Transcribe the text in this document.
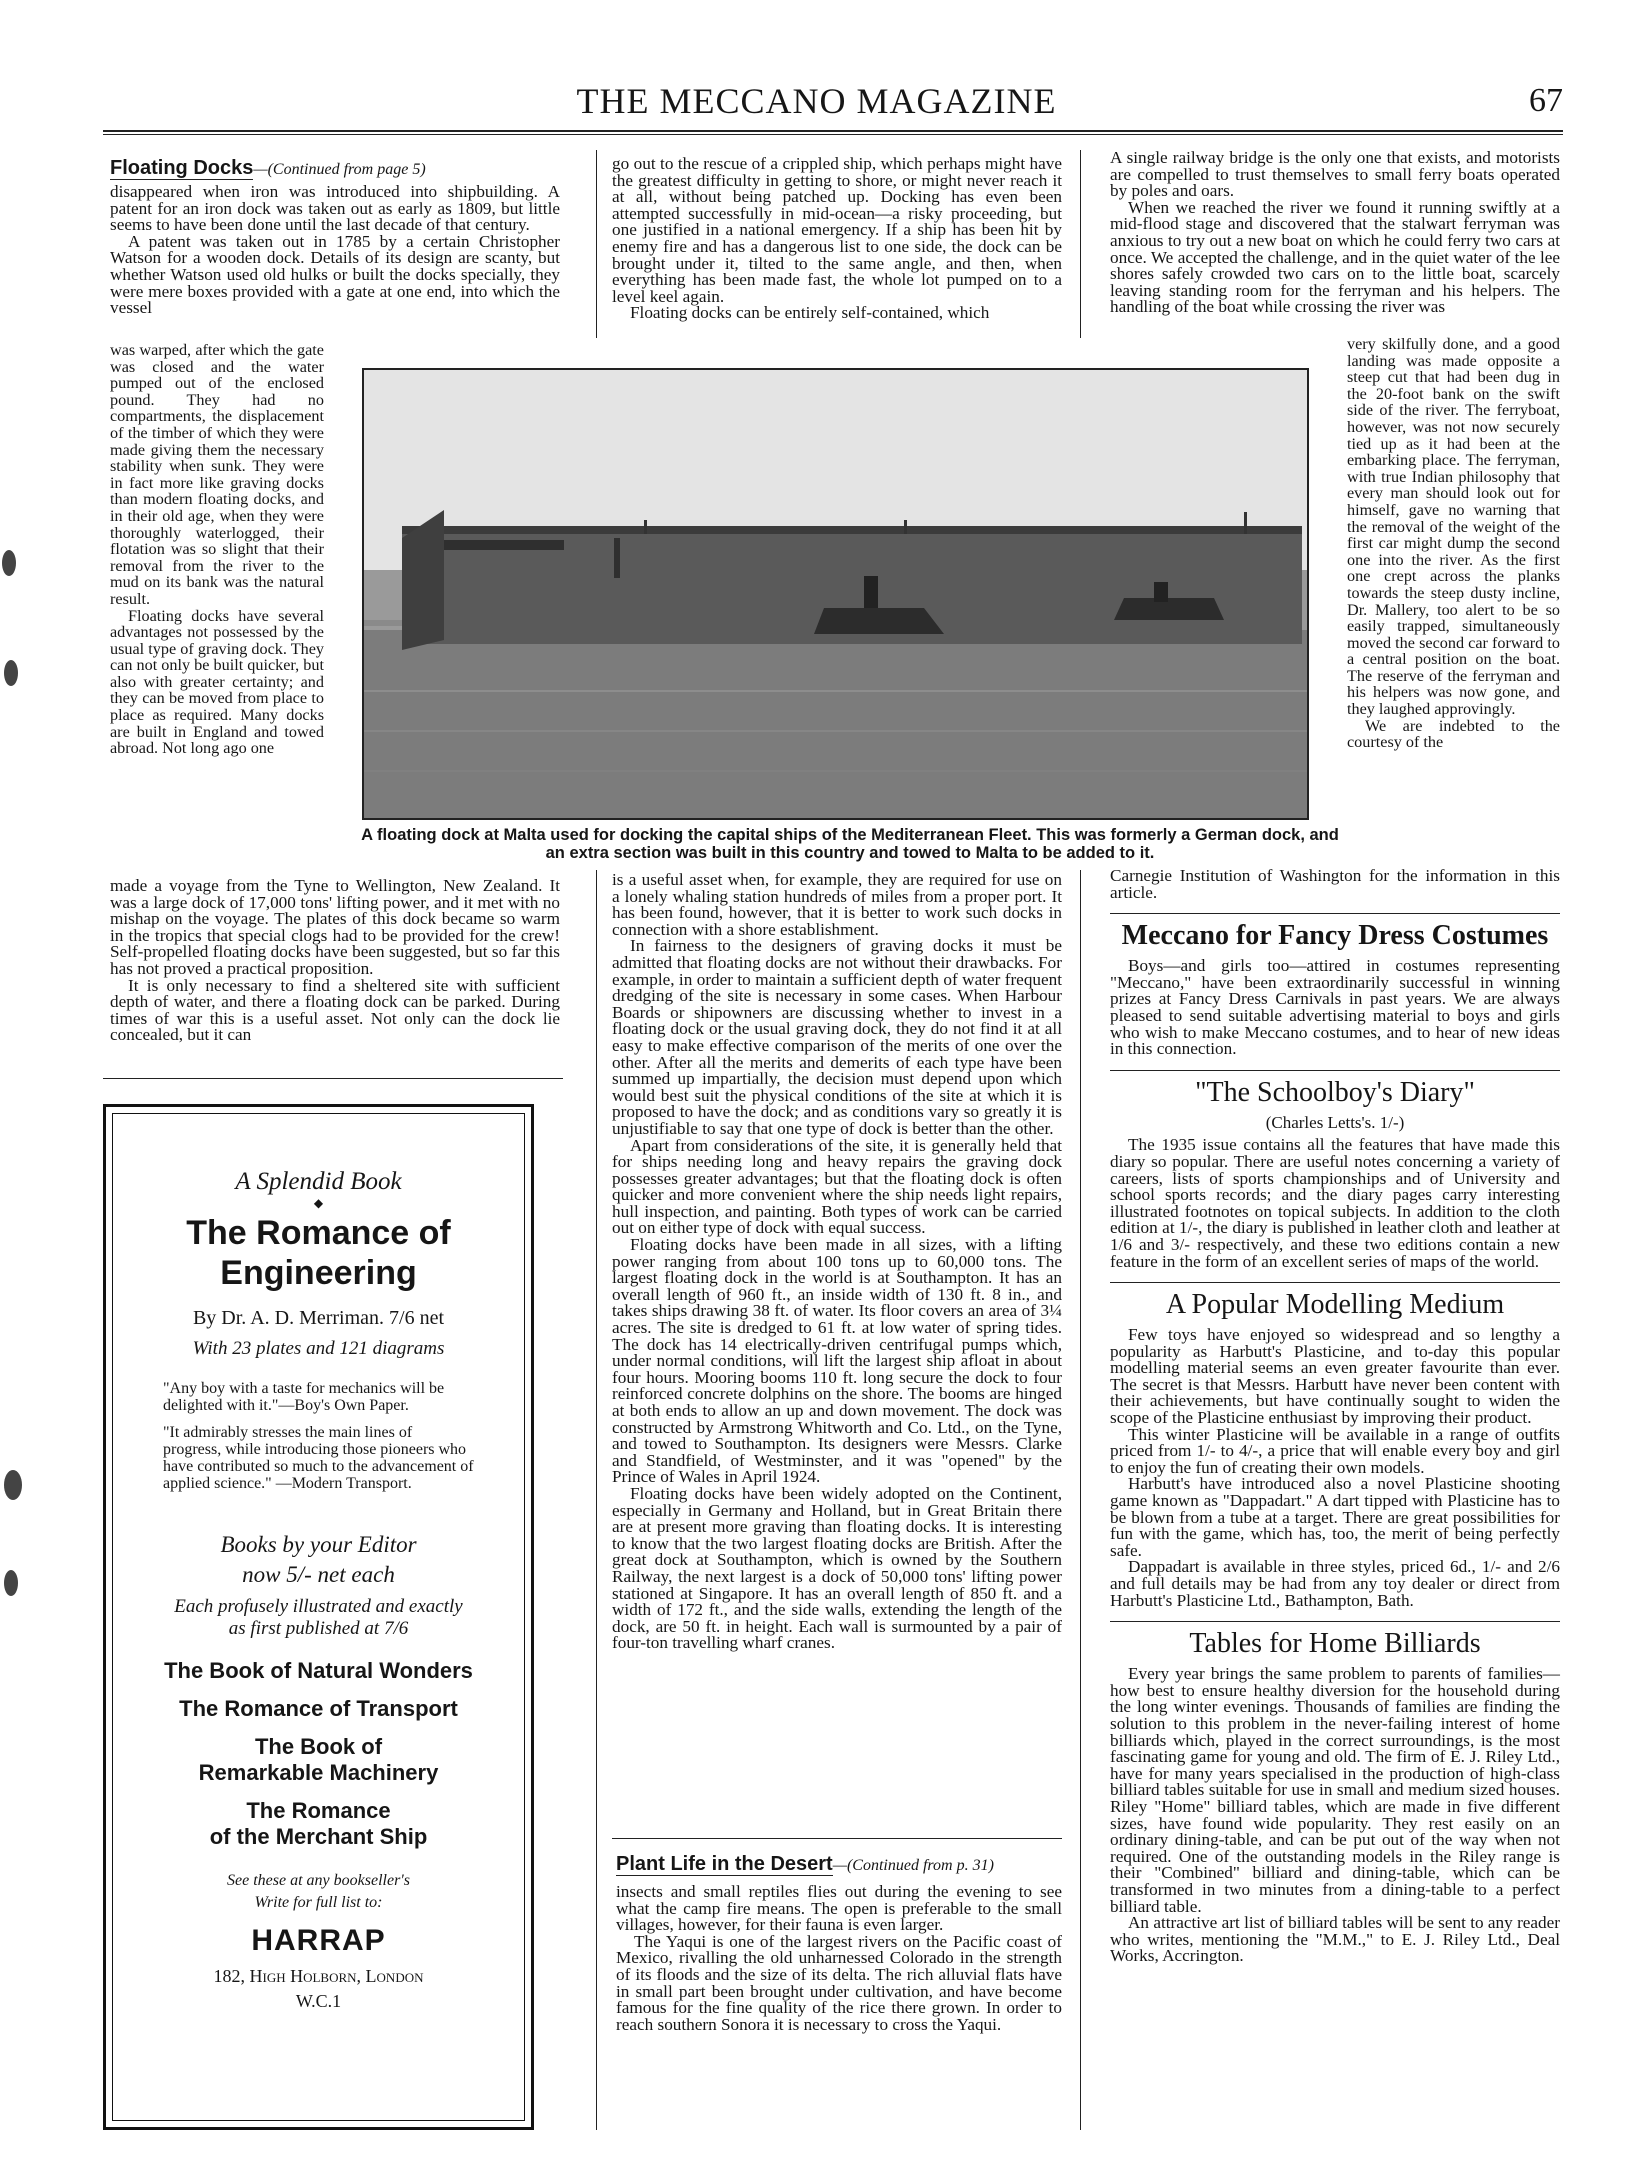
THE MECCANO MAGAZINE	67
Floating Docks—(Continued from page 5)

disappeared when iron was introduced into shipbuilding. A patent for an iron dock was taken out as early as 1809, but little seems to have been done until the last decade of that century.

A patent was taken out in 1785 by a certain Christopher Watson for a wooden dock. Details of its design are scanty, but whether Watson used old hulks or built the docks specially, they were mere boxes provided with a gate at one end, into which the vessel

was warped, after which the gate was closed and the water pumped out of the enclosed pound. They had no compartments, the displacement of the timber of which they were made giving them the necessary stability when sunk. They were in fact more like graving docks than modern floating docks, and in their old age, when they were thoroughly waterlogged, their flotation was so slight that their removal from the river to the mud on its bank was the natural result.

Floating docks have several advantages not possessed by the usual type of graving dock. They can not only be built quicker, but also with greater certainty; and they can be moved from place to place as required. Many docks are built in England and towed abroad. Not long ago one

made a voyage from the Tyne to Wellington, New Zealand. It was a large dock of 17,000 tons' lifting power, and it met with no mishap on the voyage. The plates of this dock became so warm in the tropics that special clogs had to be provided for the crew! Self-propelled floating docks have been suggested, but so far this has not proved a practical proposition.

It is only necessary to find a sheltered site with sufficient depth of water, and there a floating dock can be parked. During times of war this is a useful asset. Not only can the dock lie concealed, but it can

go out to the rescue of a crippled ship, which perhaps might have the greatest difficulty in getting to shore, or might never reach it at all, without being patched up. Docking has even been attempted successfully in mid-ocean—a risky proceeding, but one justified in a national emergency. If a ship has been hit by enemy fire and has a dangerous list to one side, the dock can be brought under it, tilted to the same angle, and then, when everything has been made fast, the whole lot pumped on to a level keel again.

Floating docks can be entirely self-contained, which

A single railway bridge is the only one that exists, and motorists are compelled to trust themselves to small ferry boats operated by poles and oars.

When we reached the river we found it running swiftly at a mid-flood stage and discovered that the stalwart ferryman was anxious to try out a new boat on which he could ferry two cars at once. We accepted the challenge, and in the quiet water of the lee shores safely crowded two cars on to the little boat, scarcely leaving standing room for the ferryman and his helpers. The handling of the boat while crossing the river was

very skilfully done, and a good landing was made opposite a steep cut that had been dug in the 20-foot bank on the swift side of the river. The ferryboat, however, was not now securely tied up as it had been at the embarking place. The ferryman, with true Indian philosophy that every man should look out for himself, gave no warning that the removal of the weight of the first car might dump the second one into the river. As the first one crept across the planks towards the steep dusty incline, Dr. Mallery, too alert to be so easily trapped, simultaneously moved the second car forward to a central position on the boat. The reserve of the ferryman and his helpers was now gone, and they laughed approvingly.

We are indebted to the courtesy of the

A floating dock at Malta used for docking the capital ships of the Mediterranean Fleet. This was formerly a German dock, and an extra section was built in this country and towed to Malta to be added to it.

is a useful asset when, for example, they are required for use on a lonely whaling station hundreds of miles from a proper port. It has been found, however, that it is better to work such docks in connection with a shore establishment.

In fairness to the designers of graving docks it must be admitted that floating docks are not without their drawbacks. For example, in order to maintain a sufficient depth of water frequent dredging of the site is necessary in some cases. When Harbour Boards or shipowners are discussing whether to invest in a floating dock or the usual graving dock, they do not find it at all easy to make effective comparison of the merits of one over the other. After all the merits and demerits of each type have been summed up impartially, the decision must depend upon which would best suit the physical conditions of the site at which it is proposed to have the dock; and as conditions vary so greatly it is unjustifiable to say that one type of dock is better than the other.

Apart from considerations of the site, it is generally held that for ships needing long and heavy repairs the graving dock possesses greater advantages; but that the floating dock is often quicker and more convenient where the ship needs light repairs, hull inspection, and painting. Both types of work can be carried out on either type of dock with equal success.

Floating docks have been made in all sizes, with a lifting power ranging from about 100 tons up to 60,000 tons. The largest floating dock in the world is at Southampton. It has an overall length of 960 ft., an inside width of 130 ft. 8 in., and takes ships drawing 38 ft. of water. Its floor covers an area of 3¼ acres. The site is dredged to 61 ft. at low water of spring tides. The dock has 14 electrically-driven centrifugal pumps which, under normal conditions, will lift the largest ship afloat in about four hours. Mooring booms 110 ft. long secure the dock to four reinforced concrete dolphins on the shore. The booms are hinged at both ends to allow an up and down movement. The dock was constructed by Armstrong Whitworth and Co. Ltd., on the Tyne, and towed to Southampton. Its designers were Messrs. Clarke and Standfield, of Westminster, and it was "opened" by the Prince of Wales in April 1924.

Floating docks have been widely adopted on the Continent, especially in Germany and Holland, but in Great Britain there are at present more graving than floating docks. It is interesting to know that the two largest floating docks are British. After the great dock at Southampton, which is owned by the Southern Railway, the next largest is a dock of 50,000 tons' lifting power stationed at Singapore. It has an overall length of 850 ft. and a width of 172 ft., and the side walls, extending the length of the dock, are 50 ft. in height. Each wall is surmounted by a pair of four-ton travelling wharf cranes.

Plant Life in the Desert—(Continued from p. 31)

insects and small reptiles flies out during the evening to see what the camp fire means. The open is preferable to the small villages, however, for their fauna is even larger.

The Yaqui is one of the largest rivers on the Pacific coast of Mexico, rivalling the old unharnessed Colorado in the strength of its floods and the size of its delta. The rich alluvial flats have in small part been brought under cultivation, and have become famous for the fine quality of the rice there grown. In order to reach southern Sonora it is necessary to cross the Yaqui.

Carnegie Institution of Washington for the information in this article.

Meccano for Fancy Dress Costumes

Boys—and girls too—attired in costumes representing "Meccano," have been extraordinarily successful in winning prizes at Fancy Dress Carnivals in past years. We are always pleased to send suitable advertising material to boys and girls who wish to make Meccano costumes, and to hear of new ideas in this connection.

"The Schoolboy's Diary"
(Charles Letts's. 1/-)

The 1935 issue contains all the features that have made this diary so popular. There are useful notes concerning a variety of careers, lists of sports championships and of University and school sports records; and the diary pages carry interesting illustrated footnotes on topical subjects. In addition to the cloth edition at 1/-, the diary is published in leather cloth and leather at 1/6 and 3/- respectively, and these two editions contain a new feature in the form of an excellent series of maps of the world.

A Popular Modelling Medium

Few toys have enjoyed so widespread and so lengthy a popularity as Harbutt's Plasticine, and to-day this popular modelling material seems an even greater favourite than ever. The secret is that Messrs. Harbutt have never been content with their achievements, but have continually sought to widen the scope of the Plasticine enthusiast by improving their product.

This winter Plasticine will be available in a range of outfits priced from 1/- to 4/-, a price that will enable every boy and girl to enjoy the fun of creating their own models.

Harbutt's have introduced also a novel Plasticine shooting game known as "Dappadart." A dart tipped with Plasticine has to be blown from a tube at a target. There are great possibilities for fun with the game, which has, too, the merit of being perfectly safe.

Dappadart is available in three styles, priced 6d., 1/- and 2/6 and full details may be had from any toy dealer or direct from Harbutt's Plasticine Ltd., Bathampton, Bath.

Tables for Home Billiards

Every year brings the same problem to parents of families—how best to ensure healthy diversion for the household during the long winter evenings. Thousands of families are finding the solution to this problem in the never-failing interest of home billiards which, played in the correct surroundings, is the most fascinating game for young and old. The firm of E. J. Riley Ltd., have for many years specialised in the production of high-class billiard tables suitable for use in small and medium sized houses. Riley "Home" billiard tables, which are made in five different sizes, have found wide popularity. They rest easily on an ordinary dining-table, and can be put out of the way when not required. One of the outstanding models in the Riley range is their "Combined" billiard and dining-table, which can be transformed in two minutes from a dining-table to a perfect billiard table.

An attractive art list of billiard tables will be sent to any reader who writes, mentioning the "M.M.," to E. J. Riley Ltd., Deal Works, Accrington.

A Splendid Book
◆
The Romance of
Engineering
By Dr. A. D. Merriman. 7/6 net
With 23 plates and 121 diagrams
"Any boy with a taste for mechanics will be delighted with it."—Boy's Own Paper.
"It admirably stresses the main lines of progress, while introducing those pioneers who have contributed so much to the advancement of applied science." —Modern Transport.
Books by your Editor
now 5/- net each
Each profusely illustrated and exactly
as first published at 7/6
The Book of Natural Wonders
The Romance of Transport
The Book of
Remarkable Machinery
The Romance
of the Merchant Ship
See these at any bookseller's
Write for full list to:
HARRAP
182, High Holborn, London
W.C.1
